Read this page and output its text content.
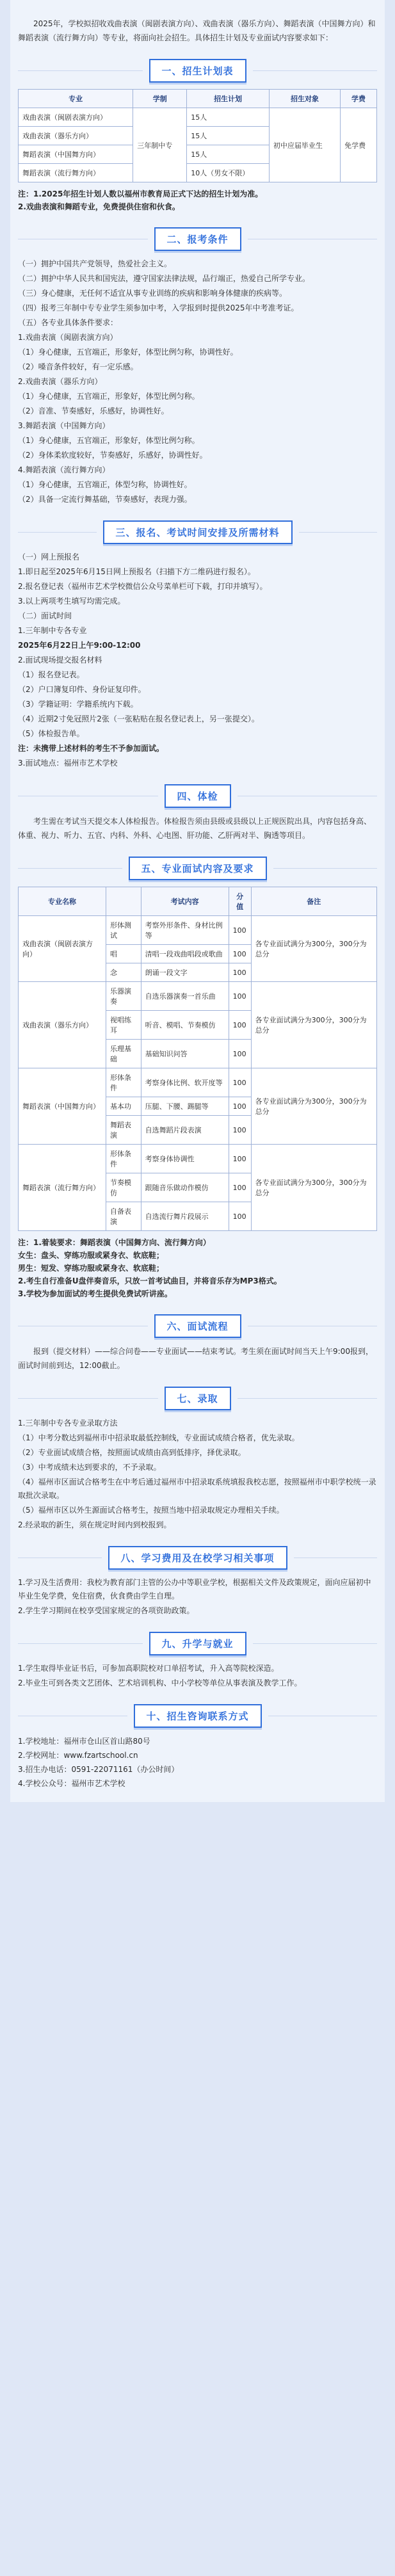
2025年，学校拟招收戏曲表演（闽剧表演方向）、戏曲表演（器乐方向）、舞蹈表演（中国舞方向）和舞蹈表演（流行舞方向）等专业，将面向社会招生。具体招生计划及专业面试内容要求如下：

一、招生计划表
专业	学制	招生计划	招生对象	学费
戏曲表演（闽剧表演方向）	三年制中专	15人	初中应届毕业生	免学费
戏曲表演（器乐方向）		15人		
舞蹈表演（中国舞方向）		15人		
舞蹈表演（流行舞方向）		10人（男女不限）		
注：1.2025年招生计划人数以福州市教育局正式下达的招生计划为准。
2.戏曲表演和舞蹈专业，免费提供住宿和伙食。
二、报考条件
（一）拥护中国共产党领导，热爱社会主义。
（二）拥护中华人民共和国宪法，遵守国家法律法规，品行端正，热爱自己所学专业。
（三）身心健康，无任何不适宜从事专业训练的疾病和影响身体健康的疾病等。
（四）报考三年制中专专业学生须参加中考，入学报到时提供2025年中考准考证。
（五）各专业具体条件要求：
1.戏曲表演（闽剧表演方向）
（1）身心健康，五官端正，形象好，体型比例匀称，协调性好。
（2）嗓音条件较好，有一定乐感。
2.戏曲表演（器乐方向）
（1）身心健康，五官端正，形象好，体型比例匀称。
（2）音准、节奏感好，乐感好，协调性好。
3.舞蹈表演（中国舞方向）
（1）身心健康，五官端正，形象好，体型比例匀称。
（2）身体柔软度较好，节奏感好，乐感好，协调性好。
4.舞蹈表演（流行舞方向）
（1）身心健康，五官端正，体型匀称，协调性好。
（2）具备一定流行舞基础，节奏感好，表现力强。
三、报名、考试时间安排及所需材料
（一）网上预报名
1.即日起至2025年6月15日网上预报名（扫描下方二维码进行报名）。
2.报名登记表（福州市艺术学校微信公众号菜单栏可下载，打印并填写）。
3.以上两项考生填写均需完成。
（二）面试时间
1.三年制中专各专业
2025年6月22日上午9:00-12:00
2.面试现场提交报名材料
（1）报名登记表。
（2）户口簿复印件、身份证复印件。
（3）学籍证明：学籍系统内下载。
（4）近期2寸免冠照片2张（一张粘贴在报名登记表上，另一张提交）。
（5）体检报告单。
注：未携带上述材料的考生不予参加面试。
3.面试地点：福州市艺术学校
四、体检

考生需在考试当天提交本人体检报告。体检报告须由县级或县级以上正规医院出具，内容包括身高、体重、视力、听力、五官、内科、外科、心电图、肝功能、乙肝两对半、胸透等项目。

五、专业面试内容及要求
专业名称		考试内容	分值	备注
戏曲表演（闽剧表演方向）	形体测试	考察外形条件、身材比例等	100	各专业面试满分为300分，300分为总分
	唱	清唱一段戏曲唱段或歌曲	100	
	念	朗诵一段文字	100	
戏曲表演（器乐方向）	乐器演奏	自选乐器演奏一首乐曲	100	各专业面试满分为300分，300分为总分
	视唱练耳	听音、模唱、节奏模仿	100	
	乐理基础	基础知识问答	100	
舞蹈表演（中国舞方向）	形体条件	考察身体比例、软开度等	100	各专业面试满分为300分，300分为总分
	基本功	压腿、下腰、踢腿等	100	
	舞蹈表演	自选舞蹈片段表演	100	
舞蹈表演（流行舞方向）	形体条件	考察身体协调性	100	各专业面试满分为300分，300分为总分
	节奏模仿	跟随音乐做动作模仿	100	
	自备表演	自选流行舞片段展示	100	
注：1.着装要求：舞蹈表演（中国舞方向、流行舞方向）
女生：盘头、穿练功服或紧身衣、软底鞋；
男生：短发、穿练功服或紧身衣、软底鞋；
2.考生自行准备U盘伴奏音乐，只放一首考试曲目，并将音乐存为MP3格式。
3.学校为参加面试的考生提供免费试听讲座。
六、面试流程

报到（提交材料）——综合问卷——专业面试——结束考试。考生须在面试时间当天上午9:00报到，面试时间前到达，12:00截止。

七、录取
1.三年制中专各专业录取方法
（1）中考分数达到福州市中招录取最低控制线，专业面试成绩合格者，优先录取。
（2）专业面试成绩合格，按照面试成绩由高到低排序，择优录取。
（3）中考成绩未达到要求的，不予录取。
（4）福州市区面试合格考生在中考后通过福州市中招录取系统填报我校志愿，按照福州市中职学校统一录取批次录取。
（5）福州市区以外生源面试合格考生，按照当地中招录取规定办理相关手续。
2.经录取的新生，须在规定时间内到校报到。
八、学习费用及在校学习相关事项
1.学习及生活费用：我校为教育部门主管的公办中等职业学校，根据相关文件及政策规定，面向应届初中毕业生免学费，免住宿费，伙食费由学生自理。
2.学生学习期间在校享受国家规定的各项资助政策。
九、升学与就业
1.学生取得毕业证书后，可参加高职院校对口单招考试，升入高等院校深造。
2.毕业生可到各类文艺团体、艺术培训机构、中小学校等单位从事表演及教学工作。
十、招生咨询联系方式
1.学校地址：福州市仓山区首山路80号
2.学校网址：www.fzartschool.cn
3.招生办电话：0591-22071161（办公时间）
4.学校公众号：福州市艺术学校
